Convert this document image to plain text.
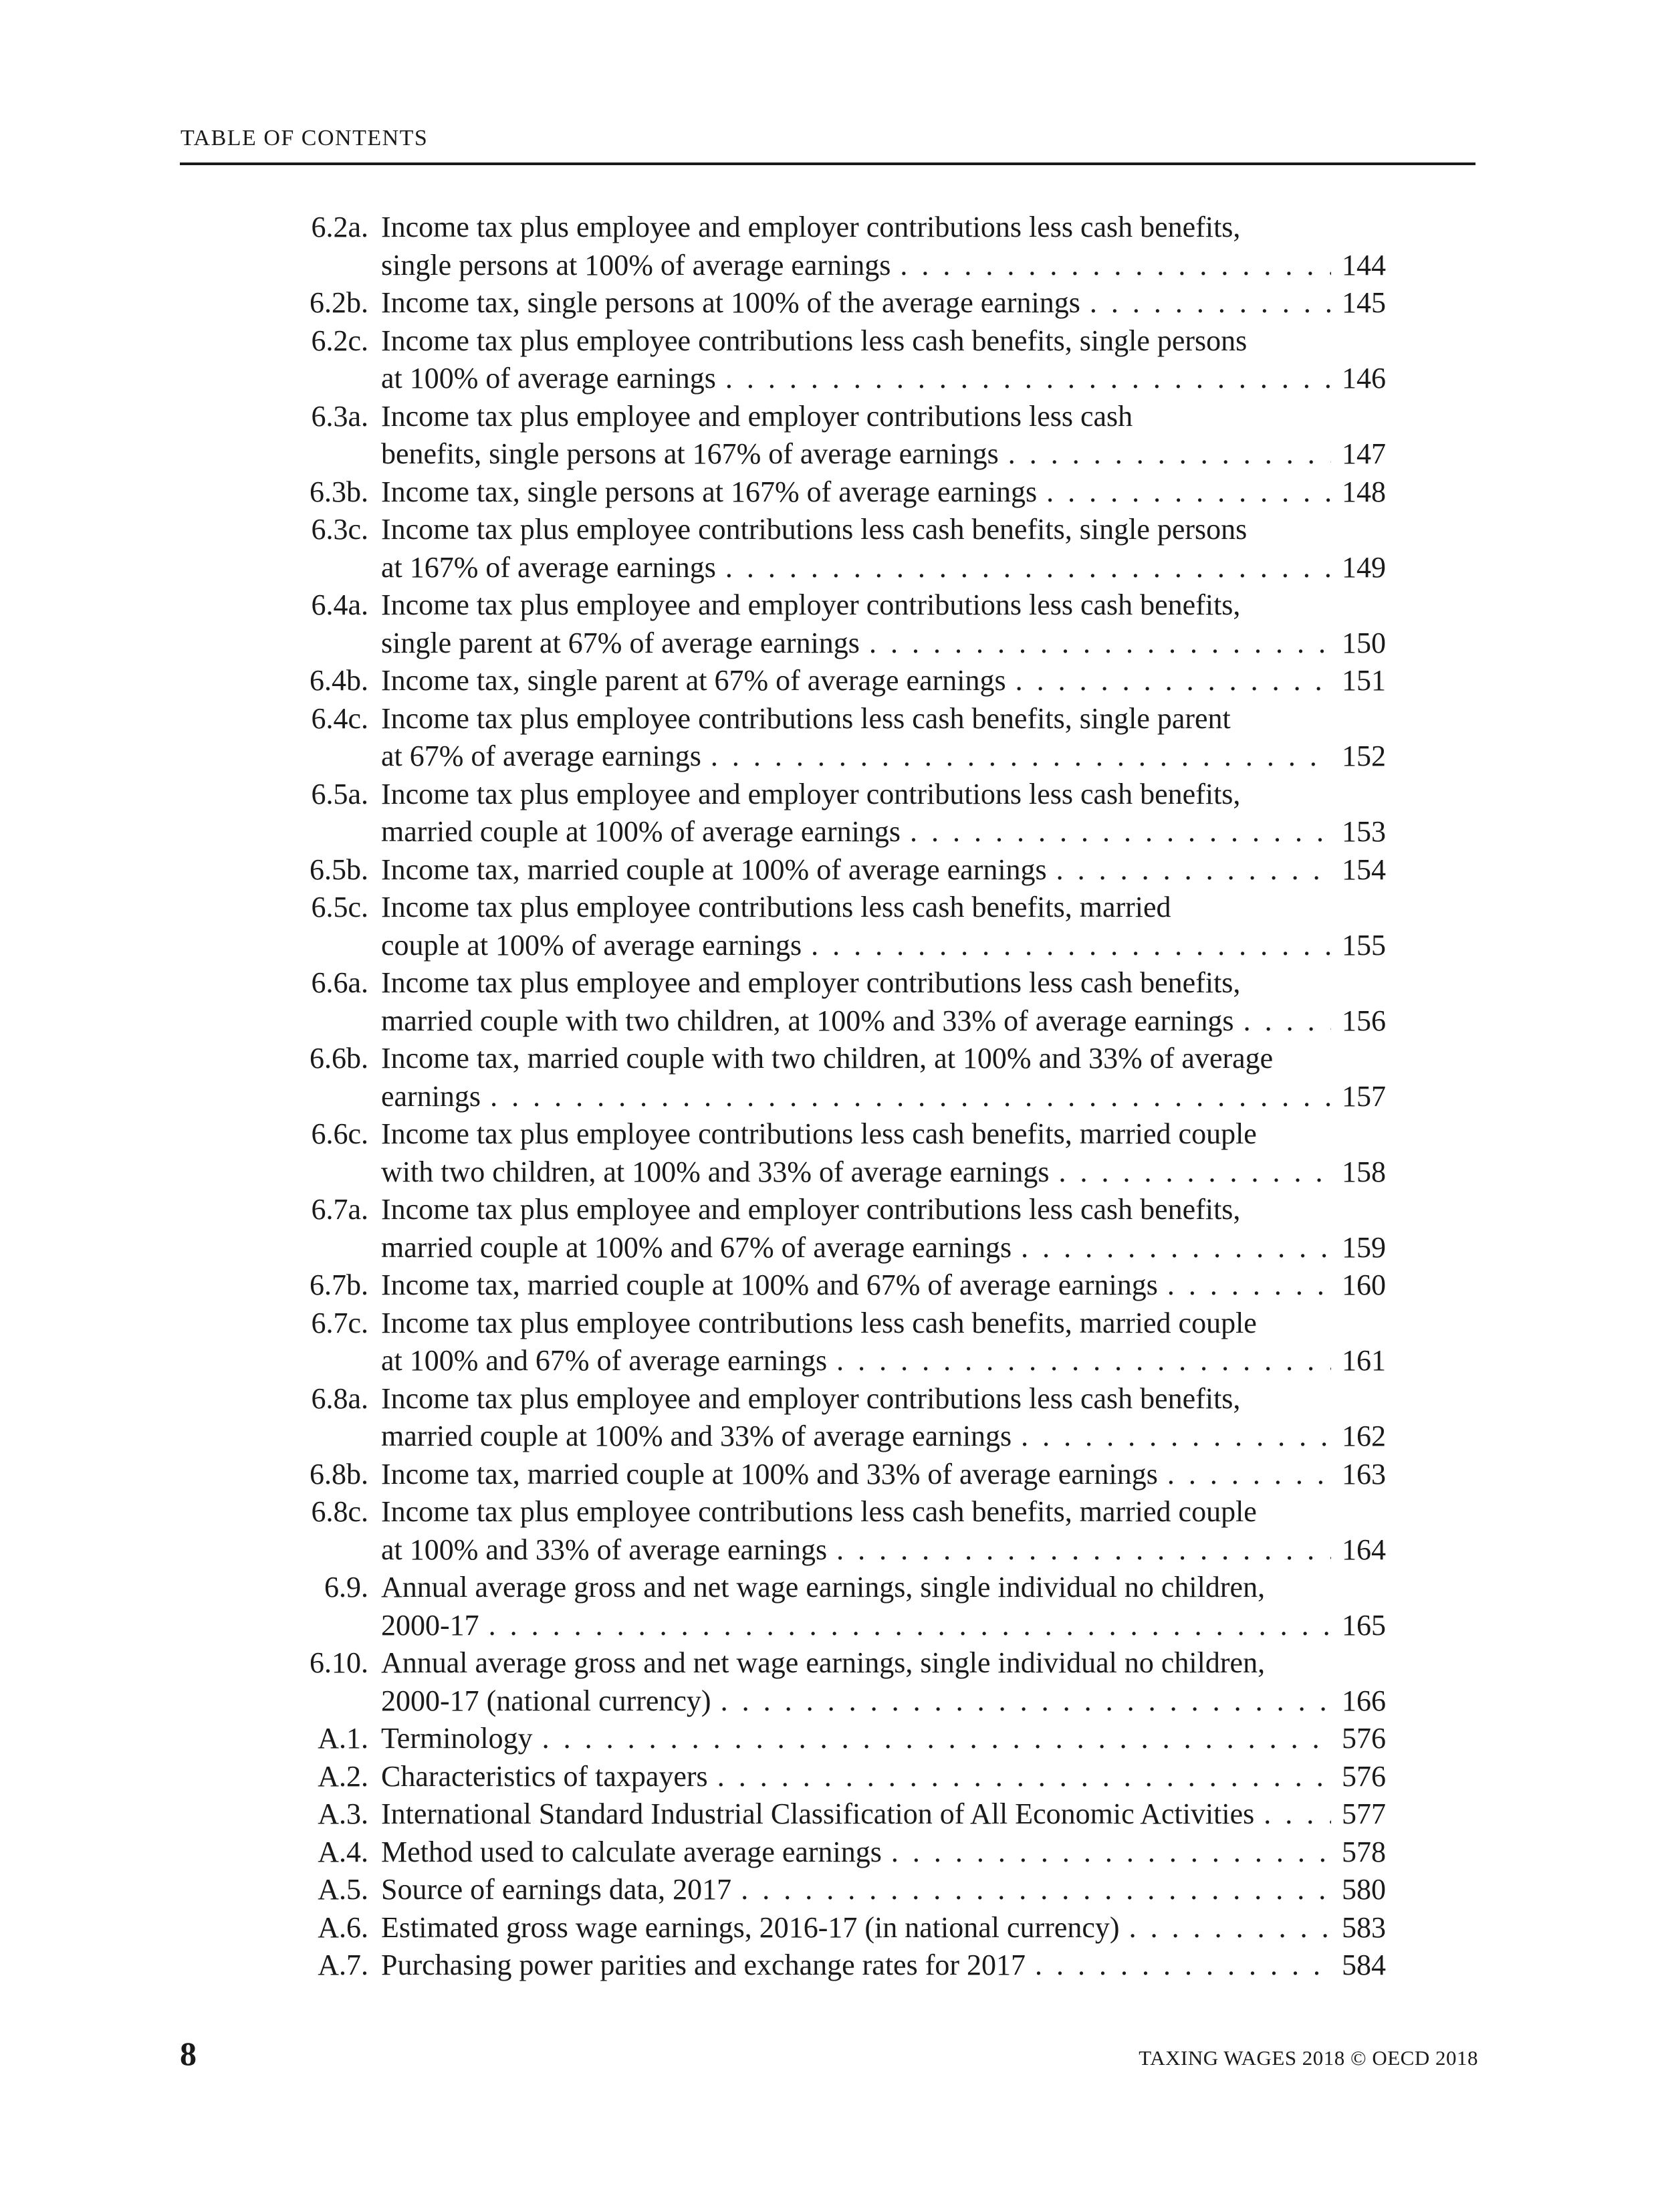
TABLE OF CONTENTS
6.2a. Income tax plus employee and employer contributions less cash benefits,
single persons at 100% of average earnings .....	144
6.2b. Income tax, single persons at 100% of the average earnings .....	145
6.2c. Income tax plus employee contributions less cash benefits, single persons
at 100% of average earnings .....	146
6.3a. Income tax plus employee and employer contributions less cash
benefits, single persons at 167% of average earnings .....	147
6.3b. Income tax, single persons at 167% of average earnings .....	148
6.3c. Income tax plus employee contributions less cash benefits, single persons
at 167% of average earnings .....	149
6.4a. Income tax plus employee and employer contributions less cash benefits,
single parent at 67% of average earnings .....	150
6.4b. Income tax, single parent at 67% of average earnings .....	151
6.4c. Income tax plus employee contributions less cash benefits, single parent
at 67% of average earnings .....	152
6.5a. Income tax plus employee and employer contributions less cash benefits,
married couple at 100% of average earnings .....	153
6.5b. Income tax, married couple at 100% of average earnings .....	154
6.5c. Income tax plus employee contributions less cash benefits, married
couple at 100% of average earnings .....	155
6.6a. Income tax plus employee and employer contributions less cash benefits,
married couple with two children, at 100% and 33% of average earnings .....	156
6.6b. Income tax, married couple with two children, at 100% and 33% of average
earnings .....	157
6.6c. Income tax plus employee contributions less cash benefits, married couple
with two children, at 100% and 33% of average earnings .....	158
6.7a. Income tax plus employee and employer contributions less cash benefits,
married couple at 100% and 67% of average earnings .....	159
6.7b. Income tax, married couple at 100% and 67% of average earnings .....	160
6.7c. Income tax plus employee contributions less cash benefits, married couple
at 100% and 67% of average earnings .....	161
6.8a. Income tax plus employee and employer contributions less cash benefits,
married couple at 100% and 33% of average earnings .....	162
6.8b. Income tax, married couple at 100% and 33% of average earnings .....	163
6.8c. Income tax plus employee contributions less cash benefits, married couple
at 100% and 33% of average earnings .....	164
6.9. Annual average gross and net wage earnings, single individual no children,
2000-17 .....	165
6.10. Annual average gross and net wage earnings, single individual no children,
2000-17 (national currency) .....	166
A.1. Terminology .....	576
A.2. Characteristics of taxpayers .....	576
A.3. International Standard Industrial Classification of All Economic Activities .....	577
A.4. Method used to calculate average earnings .....	578
A.5. Source of earnings data, 2017 .....	580
A.6. Estimated gross wage earnings, 2016-17 (in national currency) .....	583
A.7. Purchasing power parities and exchange rates for 2017 .....	584
8	TAXING WAGES 2018 © OECD 2018
